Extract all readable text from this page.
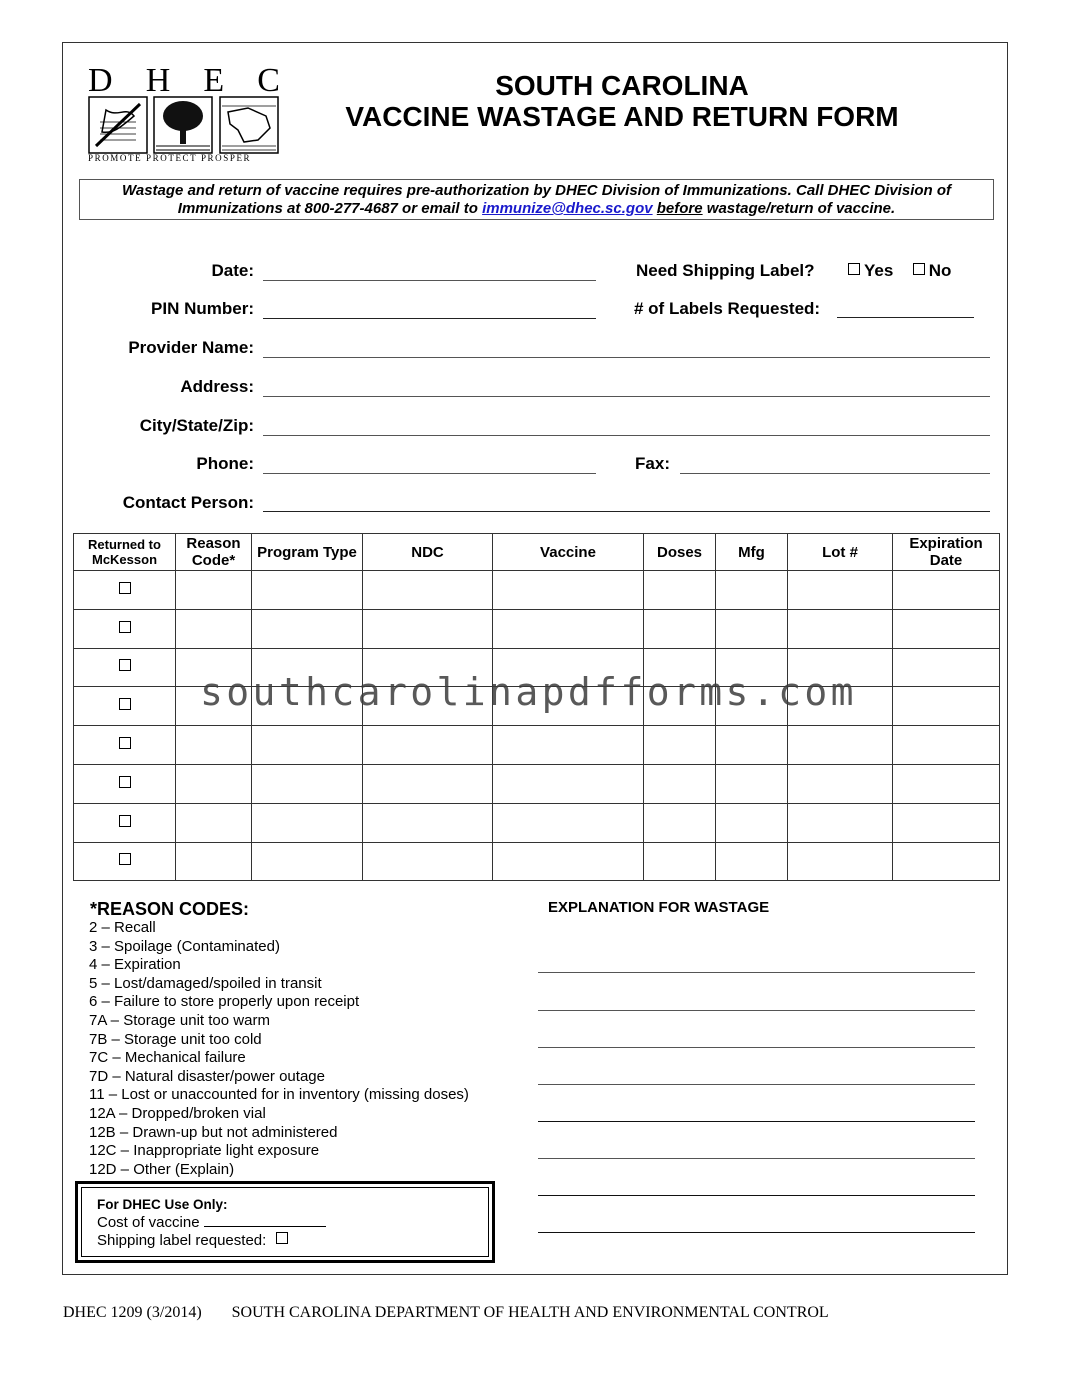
D H E C
PROMOTE PROTECT PROSPER
SOUTH CAROLINA
VACCINE WASTAGE AND RETURN FORM
Wastage and return of vaccine requires pre-authorization by DHEC Division of Immunizations. Call DHEC Division of Immunizations at 800-277-4687 or email to immunize@dhec.sc.gov before wastage/return of vaccine.
Date:
PIN Number:
Provider Name:
Address:
City/State/Zip:
Phone:	Fax:
Contact Person:
Need Shipping Label?	Yes No
# of Labels Requested:
Returned to McKesson	Reason Code*	Program Type	NDC	Vaccine	Doses	Mfg	Lot #	Expiration Date

southcarolinapdfforms.com
*REASON CODES:
2 – Recall
3 – Spoilage (Contaminated)
4 – Expiration
5 – Lost/damaged/spoiled in transit
6 – Failure to store properly upon receipt
7A – Storage unit too warm
7B – Storage unit too cold
7C – Mechanical failure
7D – Natural disaster/power outage
11 – Lost or unaccounted for in inventory (missing doses)
12A – Dropped/broken vial
12B – Drawn-up but not administered
12C – Inappropriate light exposure
12D – Other (Explain)
EXPLANATION FOR WASTAGE
For DHEC Use Only:
Cost of vaccine
Shipping label requested:
DHEC 1209 (3/2014) SOUTH CAROLINA DEPARTMENT OF HEALTH AND ENVIRONMENTAL CONTROL
